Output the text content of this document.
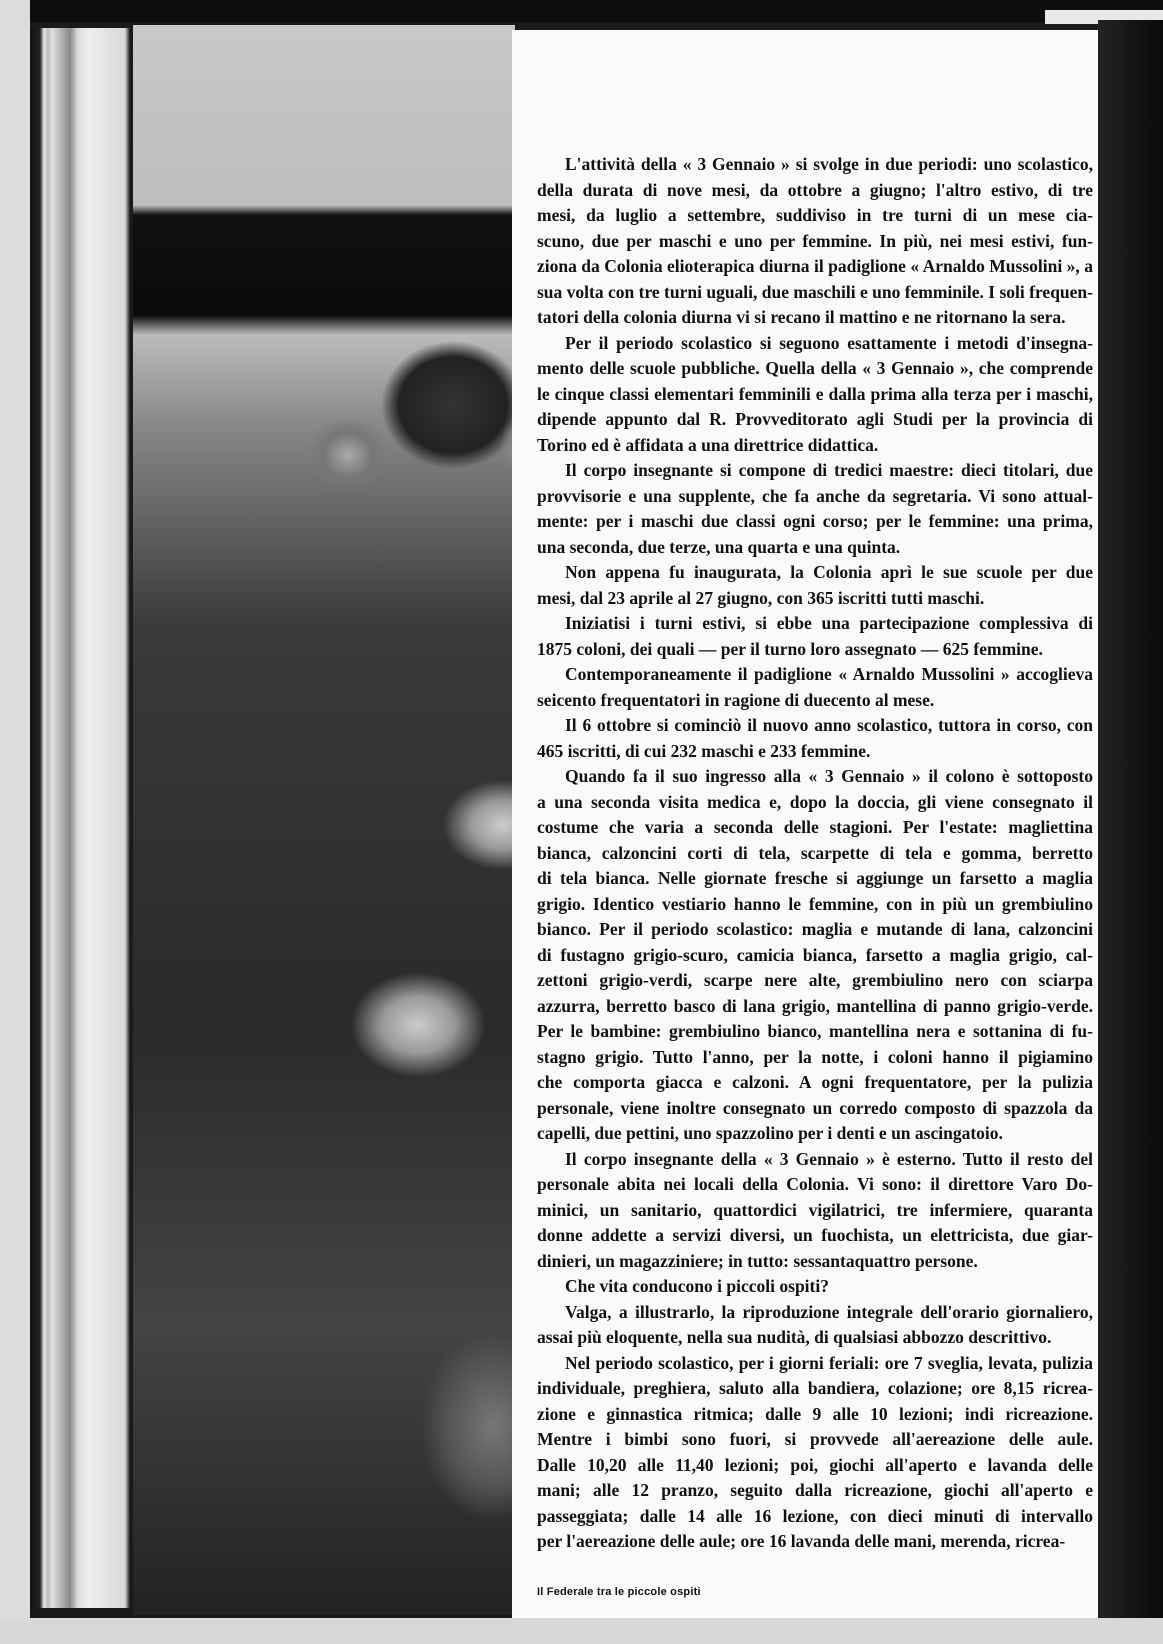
L'attività della « 3 Gennaio » si svolge in due periodi: uno scolastico,
della durata di nove mesi, da ottobre a giugno; l'altro estivo, di tre
mesi, da luglio a settembre, suddiviso in tre turni di un mese cia-
scuno, due per maschi e uno per femmine. In più, nei mesi estivi, fun-
ziona da Colonia elioterapica diurna il padiglione « Arnaldo Mussolini », a
sua volta con tre turni uguali, due maschili e uno femminile. I soli frequen-
tatori della colonia diurna vi si recano il mattino e ne ritornano la sera.
Per il periodo scolastico si seguono esattamente i metodi d'insegna-
mento delle scuole pubbliche. Quella della « 3 Gennaio », che comprende
le cinque classi elementari femminili e dalla prima alla terza per i maschi,
dipende appunto dal R. Provveditorato agli Studi per la provincia di
Torino ed è affidata a una direttrice didattica.
Il corpo insegnante si compone di tredici maestre: dieci titolari, due
provvisorie e una supplente, che fa anche da segretaria. Vi sono attual-
mente: per i maschi due classi ogni corso; per le femmine: una prima,
una seconda, due terze, una quarta e una quinta.
Non appena fu inaugurata, la Colonia aprì le sue scuole per due
mesi, dal 23 aprile al 27 giugno, con 365 iscritti tutti maschi.
Iniziatisi i turni estivi, si ebbe una partecipazione complessiva di
1875 coloni, dei quali — per il turno loro assegnato — 625 femmine.
Contemporaneamente il padiglione « Arnaldo Mussolini » accoglieva
seicento frequentatori in ragione di duecento al mese.
Il 6 ottobre si cominciò il nuovo anno scolastico, tuttora in corso, con
465 iscritti, di cui 232 maschi e 233 femmine.
Quando fa il suo ingresso alla « 3 Gennaio » il colono è sottoposto
a una seconda visita medica e, dopo la doccia, gli viene consegnato il
costume che varia a seconda delle stagioni. Per l'estate: magliettina
bianca, calzoncini corti di tela, scarpette di tela e gomma, berretto
di tela bianca. Nelle giornate fresche si aggiunge un farsetto a maglia
grigio. Identico vestiario hanno le femmine, con in più un grembiulino
bianco. Per il periodo scolastico: maglia e mutande di lana, calzoncini
di fustagno grigio-scuro, camicia bianca, farsetto a maglia grigio, cal-
zettoni grigio-verdi, scarpe nere alte, grembiulino nero con sciarpa
azzurra, berretto basco di lana grigio, mantellina di panno grigio-verde.
Per le bambine: grembiulino bianco, mantellina nera e sottanina di fu-
stagno grigio. Tutto l'anno, per la notte, i coloni hanno il pigiamino
che comporta giacca e calzoni. A ogni frequentatore, per la pulizia
personale, viene inoltre consegnato un corredo composto di spazzola da
capelli, due pettini, uno spazzolino per i denti e un ascingatoio.
Il corpo insegnante della « 3 Gennaio » è esterno. Tutto il resto del
personale abita nei locali della Colonia. Vi sono: il direttore Varo Do-
minici, un sanitario, quattordici vigilatrici, tre infermiere, quaranta
donne addette a servizi diversi, un fuochista, un elettricista, due giar-
dinieri, un magazziniere; in tutto: sessantaquattro persone.
Che vita conducono i piccoli ospiti?
Valga, a illustrarlo, la riproduzione integrale dell'orario giornaliero,
assai più eloquente, nella sua nudità, di qualsiasi abbozzo descrittivo.
Nel periodo scolastico, per i giorni feriali: ore 7 sveglia, levata, pulizia
individuale, preghiera, saluto alla bandiera, colazione; ore 8,15 ricrea-
zione e ginnastica ritmica; dalle 9 alle 10 lezioni; indi ricreazione.
Mentre i bimbi sono fuori, si provvede all'aereazione delle aule.
Dalle 10,20 alle 11,40 lezioni; poi, giochi all'aperto e lavanda delle
mani; alle 12 pranzo, seguito dalla ricreazione, giochi all'aperto e
passeggiata; dalle 14 alle 16 lezione, con dieci minuti di intervallo
per l'aereazione delle aule; ore 16 lavanda delle mani, merenda, ricrea-
Il Federale tra le piccole ospiti
